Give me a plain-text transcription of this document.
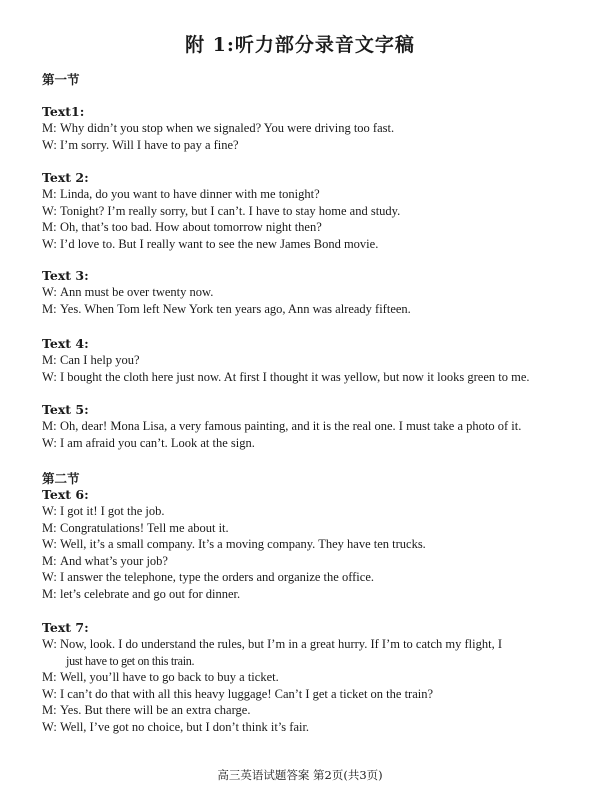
附 1:听力部分录音文字稿
第一节
Text1:
M: Why didn’t you stop when we signaled? You were driving too fast.
W: I’m sorry. Will I have to pay a fine?
Text 2:
M: Linda, do you want to have dinner with me tonight?
W: Tonight? I’m really sorry, but I can’t. I have to stay home and study.
M: Oh, that’s too bad. How about tomorrow night then?
W: I’d love to. But I really want to see the new James Bond movie.
Text 3:
W: Ann must be over twenty now.
M: Yes. When Tom left New York ten years ago, Ann was already fifteen.
Text 4:
M: Can I help you?
W: I bought the cloth here just now. At first I thought it was yellow, but now it looks green to me.
Text 5:
M: Oh, dear! Mona Lisa, a very famous painting, and it is the real one. I must take a photo of it.
W: I am afraid you can’t. Look at the sign.
Text 6:
W: I got it! I got the job.
M: Congratulations! Tell me about it.
W: Well, it’s a small company. It’s a moving company. They have ten trucks.
M: And what’s your job?
W: I answer the telephone, type the orders and organize the office.
M: let’s celebrate and go out for dinner.
Text 7:
W: Now, look. I do understand the rules, but I’m in a great hurry. If I’m to catch my flight, I
just have to get on this train.
M: Well, you’ll have to go back to buy a ticket.
W: I can’t do that with all this heavy luggage! Can’t I get a ticket on the train?
M: Yes. But there will be an extra charge.
W: Well, I’ve got no choice, but I don’t think it’s fair.
第二节
高三英语试题答案 第2页(共3页)
